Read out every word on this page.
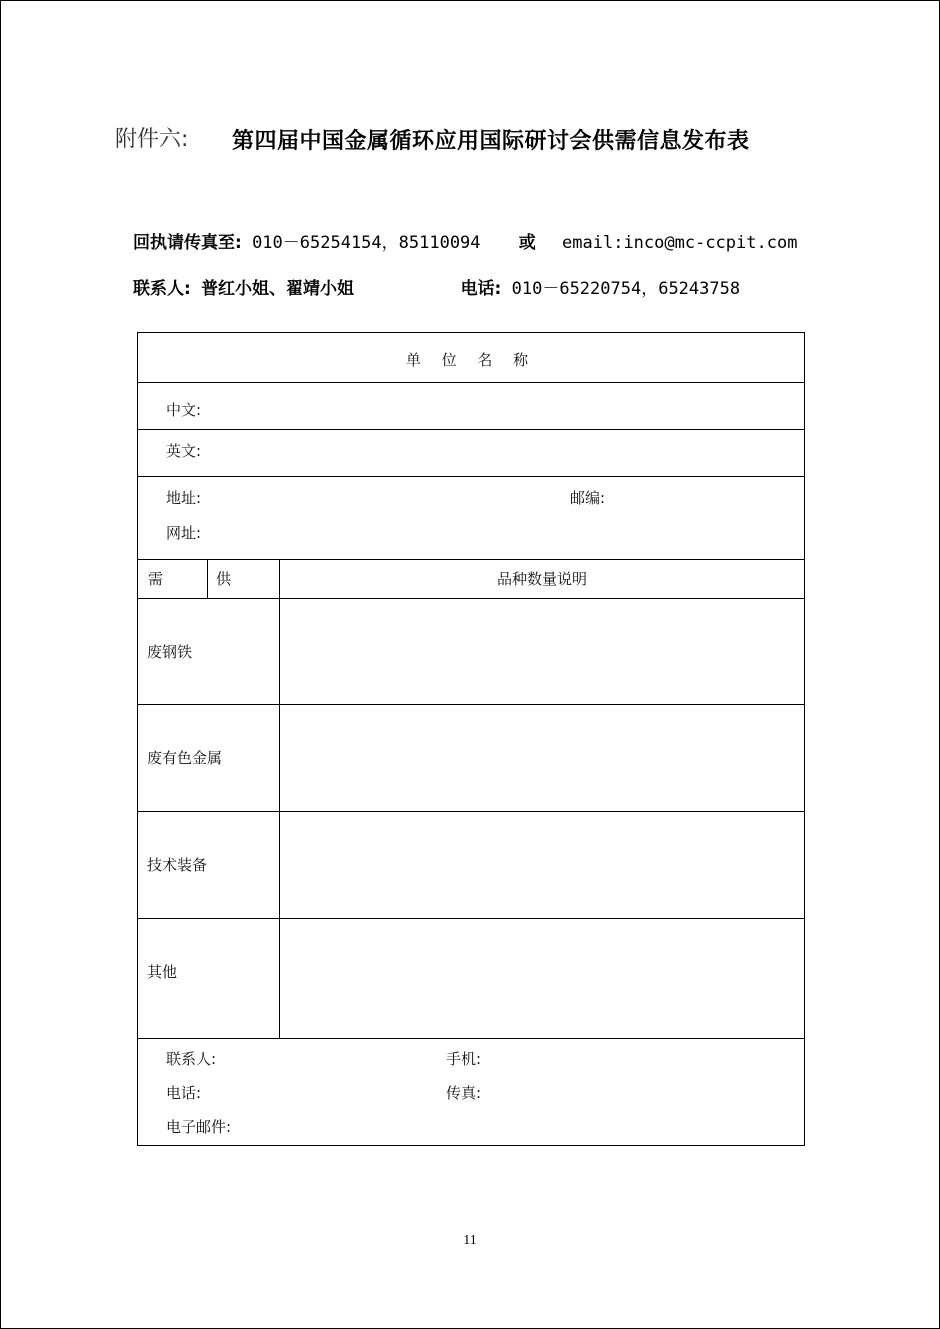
附件六: 第四届中国金属循环应用国际研讨会供需信息发布表
回执请传真至: 010－65254154，85110094 或 email:inco@mc-ccpit.com
联系人: 普红小姐、翟靖小姐	电话: 010－65220754，65243758
单 位 名 称
中文:
英文:
地址:	邮编:
网址:
需	供	品种数量说明
废钢铁
废有色金属
技术装备
其他
联系人:	手机:
电话:	传真:
电子邮件:
11
